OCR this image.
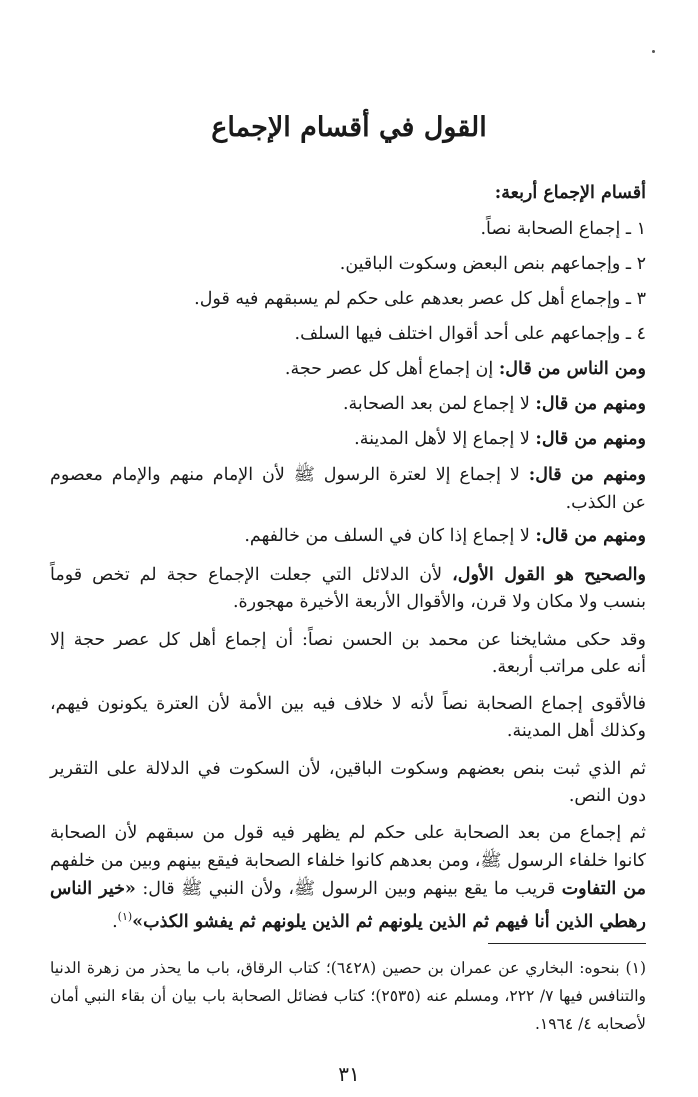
القول في أقسام الإجماع
أقسام الإجماع أربعة:
١ ـ إجماع الصحابة نصاً.
٢ ـ وإجماعهم بنص البعض وسكوت الباقين.
٣ ـ وإجماع أهل كل عصر بعدهم على حكم لم يسبقهم فيه قول.
٤ ـ وإجماعهم على أحد أقوال اختلف فيها السلف.
ومن الناس من قال: إن إجماع أهل كل عصر حجة.
ومنهم من قال: لا إجماع لمن بعد الصحابة.
ومنهم من قال: لا إجماع إلا لأهل المدينة.
ومنهم من قال: لا إجماع إلا لعترة الرسول ﷺ لأن الإمام منهم والإمام معصوم
عن الكذب.
ومنهم من قال: لا إجماع إذا كان في السلف من خالفهم.
والصحيح هو القول الأول، لأن الدلائل التي جعلت الإجماع حجة لم تخص قوماً
بنسب ولا مكان ولا قرن، والأقوال الأربعة الأخيرة مهجورة.
وقد حكى مشايخنا عن محمد بن الحسن نصاً: أن إجماع أهل كل عصر حجة إلا
أنه على مراتب أربعة.
فالأقوى إجماع الصحابة نصاً لأنه لا خلاف فيه بين الأمة لأن العترة يكونون فيهم،
وكذلك أهل المدينة.
ثم الذي ثبت بنص بعضهم وسكوت الباقين، لأن السكوت في الدلالة على التقرير
دون النص.
ثم إجماع من بعد الصحابة على حكم لم يظهر فيه قول من سبقهم لأن الصحابة
كانوا خلفاء الرسول ﷺ، ومن بعدهم كانوا خلفاء الصحابة فيقع بينهم وبين من خلفهم
من التفاوت قريب ما يقع بينهم وبين الرسول ﷺ، ولأن النبي ﷺ قال: «خير الناس
رهطي الذين أنا فيهم ثم الذين يلونهم ثم الذين يلونهم ثم يفشو الكذب»$^{(١)}$.
(١) بنحوه: البخاري عن عمران بن حصين (٦٤٢٨)؛ كتاب الرقاق، باب ما يحذر من زهرة الدنيا
والتنافس فيها ٧/ ٢٢٢، ومسلم عنه (٢٥٣٥)؛ كتاب فضائل الصحابة باب بيان أن بقاء النبي أمان
لأصحابه ٤/ ١٩٦٤.
٣١
